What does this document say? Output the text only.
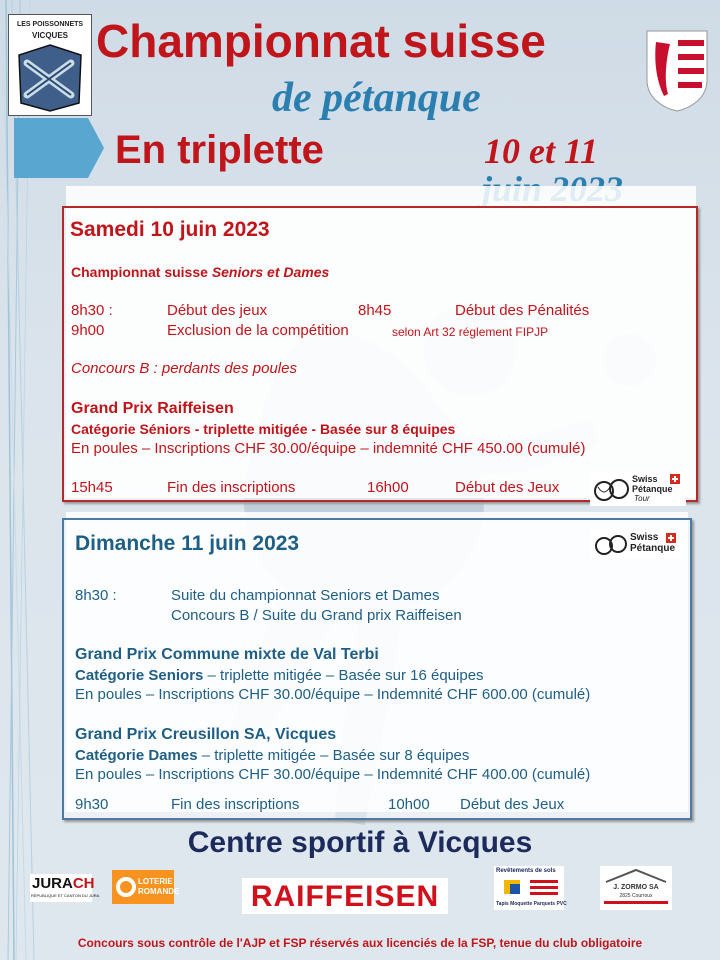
LES POISSONNETS
VICQUES Championnat suisse
de pétanque
En triplette	10 et 11
Samedi 10 juin 2023
Championnat suisse Seniors et Dames
8h30 :	Début des jeux	8h45	Début des Pénalités
9h00	Exclusion de la compétition	selon Art 32 réglement FIPJP
Concours B : perdants des poules
Grand Prix Raiffeisen
Catégorie Séniors - triplette mitigée - Basée sur 8 équipes
En poules – Inscriptions CHF 30.00/équipe – indemnité CHF 450.00 (cumulé)
15h45	Fin des inscriptions	16h00	Début des Jeux	Swiss
Pétanque
Tour
Dimanche 11 juin 2023	Swiss
Pétanque
8h30 :	Suite du championnat Seniors et Dames
Concours B / Suite du Grand prix Raiffeisen
Grand Prix Commune mixte de Val Terbi
Catégorie Seniors – triplette mitigée – Basée sur 16 équipes
En poules – Inscriptions CHF 30.00/équipe – Indemnité CHF 600.00 (cumulé)
Grand Prix Creusillon SA, Vicques
Catégorie Dames – triplette mitigée – Basée sur 8 équipes
En poules – Inscriptions CHF 30.00/équipe – Indemnité CHF 400.00 (cumulé)
9h30	Fin des inscriptions	10h00 Début des Jeux
Centre sportif à Vicques
JURACH
RÉPUBLIQUE ET CANTON DU JURA
LOTERIE ROMANDE RAIFFEISEN
Revêtements de sols
Tapis Moquette Parquets PVC
J. ZORMO SA
2825 Courroux
Concours sous contrôle de l'AJP et FSP réservés aux licenciés de la FSP, tenue du club obligatoire
